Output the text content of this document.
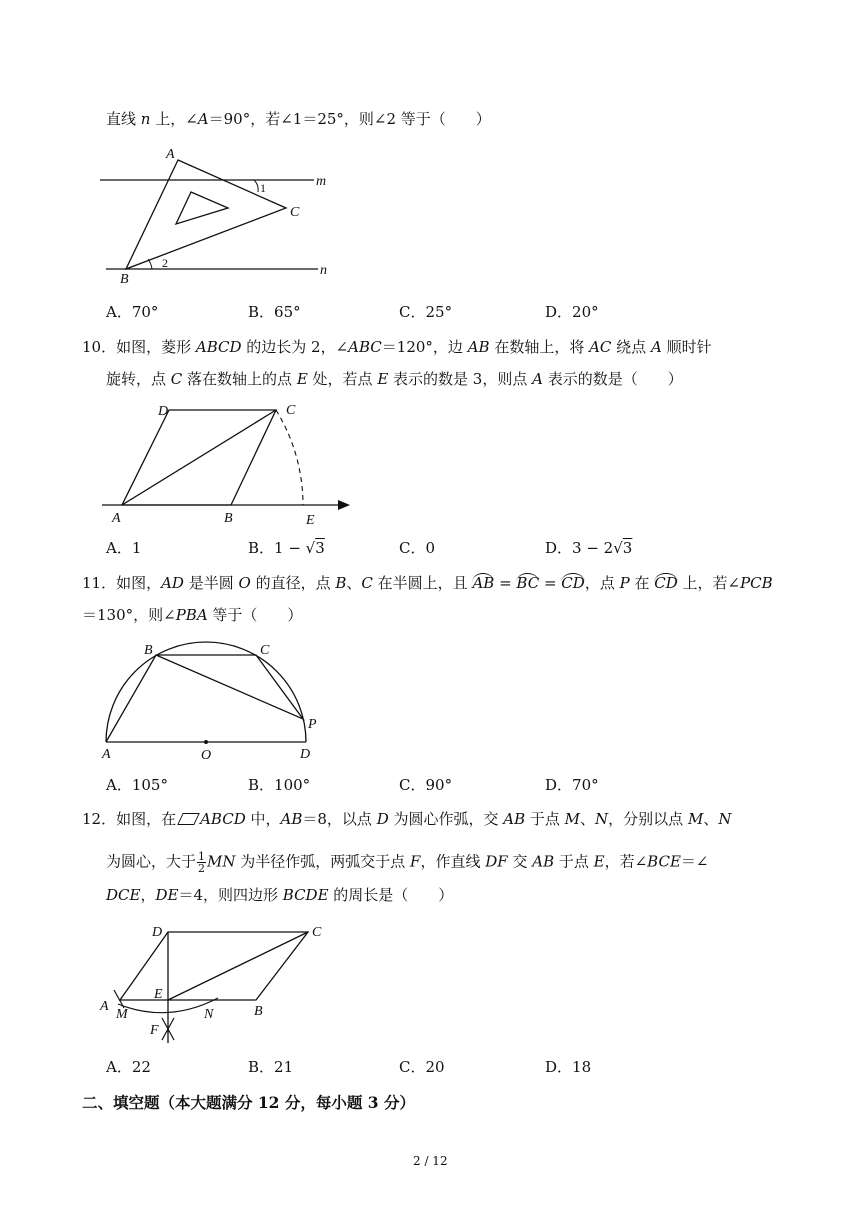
直线 n 上，∠A＝90°，若∠1＝25°，则∠2 等于（　　）
A
B
C
m
n
1
2
A．70°	B．65°	C．25°	D．20°
10．如图，菱形 ABCD 的边长为 2，∠ABC＝120°，边 AB 在数轴上，将 AC 绕点 A 顺时针
旋转，点 C 落在数轴上的点 E 处，若点 E 表示的数是 3，则点 A 表示的数是（　　）
A	B
C
D
E
A．1	B．1 − √3	C．0	D．3 − 2√3
11．如图，AD 是半圆 O 的直径，点 B、C 在半圆上，且 AB = BC = CD，点 P 在 CD 上，若∠PCB
＝130°，则∠PBA 等于（　　）
A
B	C
D
O
P
A．105°	B．100°	C．90°	D．70°
12．如图，在 ABCD 中，AB＝8，以点 D 为圆心作弧，交 AB 于点 M、N，分别以点 M、N
为圆心，大于 $\frac{1}{2}$ MN 为半径作弧，两弧交于点 F，作直线 DF 交 AB 于点 E，若∠BCE＝∠
DCE，DE＝4，则四边形 BCDE 的周长是（　　）
A	B
C
D
E
F
M	N
A．22	B．21	C．20	D．18
二、填空题（本大题满分 12 分，每小题 3 分）
2 / 12
